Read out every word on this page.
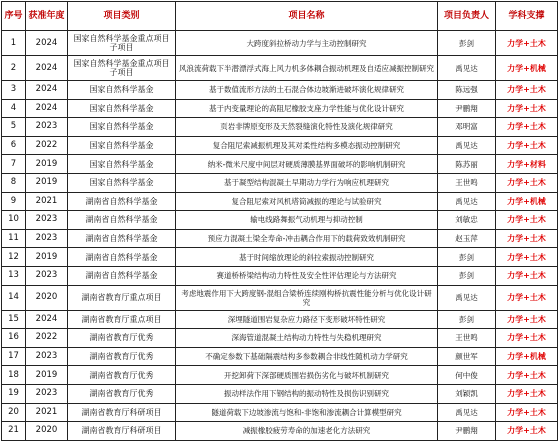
序号	获准年度	项目类别	项目名称	项目负责人	学科支撑
1	2024	国家自然科学基金重点项目子项目	大跨度斜拉桥动力学与主动控制研究	彭剑	力学+土木
2	2024	国家自然科学基金重点项目子项目	风浪流荷载下半潜漂浮式海上风力机多体耦合振动机理及自适应减振控制研究	禹见达	力学+机械
3	2024	国家自然科学基金	基于数值流形方法的土石混合体边坡渐进破坏演化规律研究	陈远强	力学+土木
4	2024	国家自然科学基金	基于内变量理论的高阻尼橡胶支座力学性能与优化设计研究	尹鹏翔	力学+土木
5	2023	国家自然科学基金	页岩非牌原变形及天然裂缝演化特性及演化规律研究	邓明富	力学+土木
6	2022	国家自然科学基金	复合阻尼索减振机理及其对柔性结构多模态振动控制研究	禹见达	力学+土木
7	2019	国家自然科学基金	纳米-微米尺度中间层对硬质薄膜基界面破坏的影响机制研究	陈苏丽	力学+材料
8	2019	国家自然科学基金	基于凝型结构混凝土早期动力学行为响应机理研究	王世鸣	力学+土木
9	2021	湖南省自然科学基金	复合阻尼索对风机塔筒减振的理论与试验研究	禹见达	力学+机械
10	2023	湖南省自然科学基金	输电线路舞振气动机理与抑动控制	刘敏忠	力学+土木
11	2023	湖南省自然科学基金	预应力混凝土梁全寿命-冲击耦合作用下的载荷致效机制研究	赵玉萍	力学+土木
12	2019	湖南省自然科学基金	基于时间缩放理论的斜拉索振动控制研究	彭剑	力学+土木
13	2023	湖南省自然科学基金	赛道桥桥梁结构动力特性及安全性评估理论与方法研究	彭剑	力学+土木
14	2020	湖南省教育厅重点项目	考虑地震作用下大跨度钢-混组合梁桥连续刚构桥抗震性能分析与优化设计研究	禹见达	力学+土木
15	2024	湖南省教育厅重点项目	深埋隧道围岩复杂应力路径下变形破坏特性研究	彭剑	力学+土木
16	2022	湖南省教育厅优秀	深海管道混凝土结构动力特性与失稳机理研究	王世鸣	力学+土木
17	2023	湖南省教育厅优秀	不确定参数下基础隔震结构多参数耦合非线性随机动力学研究	颜世军	力学+机械
18	2019	湖南省教育厅优秀	开挖卸荷下深部硬质围岩损伤劣化与破坏机制研究	何中俊	力学+土木
19	2023	湖南省教育厅优秀	振动样法作用下钢结构的振动特性及损伤识别研究	刘颖凯	力学+土木
20	2021	湖南省教育厅科研项目	隧道荷载下边坡渗流与饱和-非饱和渗流耦合计算模型研究	禹见达	力学+土木
21	2020	湖南省教育厅科研项目	减振橡胶疲劳寿命的加速老化方法研究	尹鹏翔	力学+土木
